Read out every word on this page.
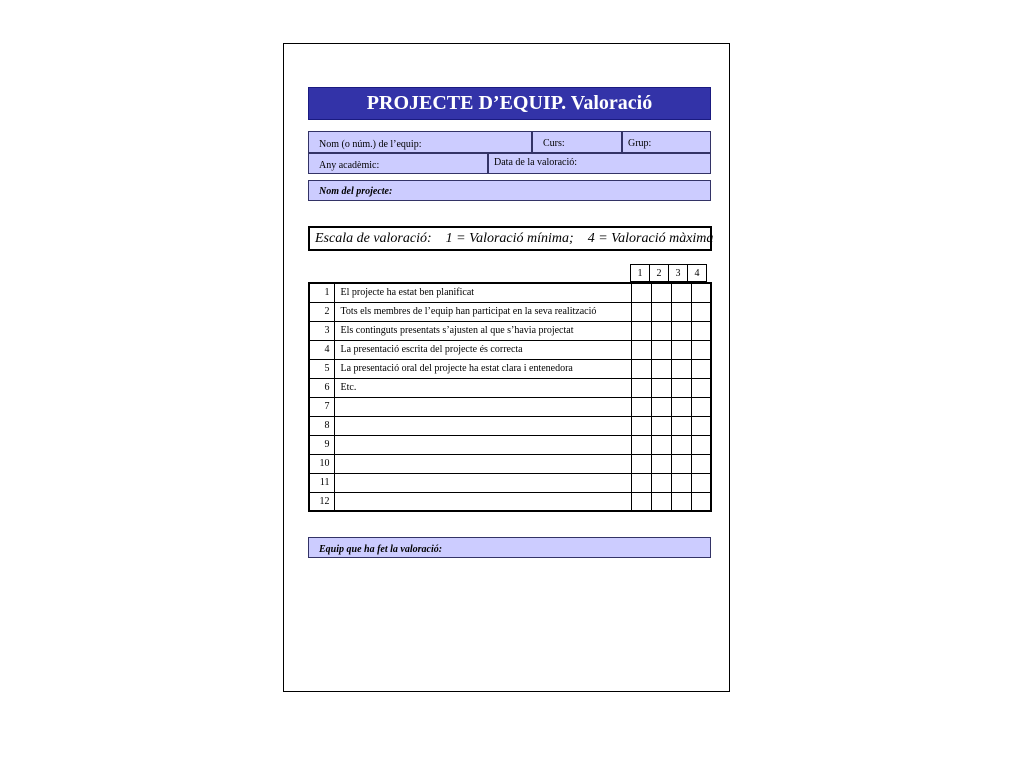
PROJECTE D’EQUIP. Valoració
Nom (o núm.) de l’equip:	Curs:	Grup:
Any acadèmic:	Data de la valoració:
Nom del projecte:
Escala de valoració: 1 = Valoració mínima; 4 = Valoració màxima
1	2	3	4
1	El projecte ha estat ben planificat				
2	Tots els membres de l’equip han participat en la seva realització				
3	Els continguts presentats s’ajusten al que s’havia projectat				
4	La presentació escrita del projecte és correcta				
5	La presentació oral del projecte ha estat clara i entenedora				
6	Etc.				
7					
8					
9					
10					
11					
12					
Equip que ha fet la valoració:
